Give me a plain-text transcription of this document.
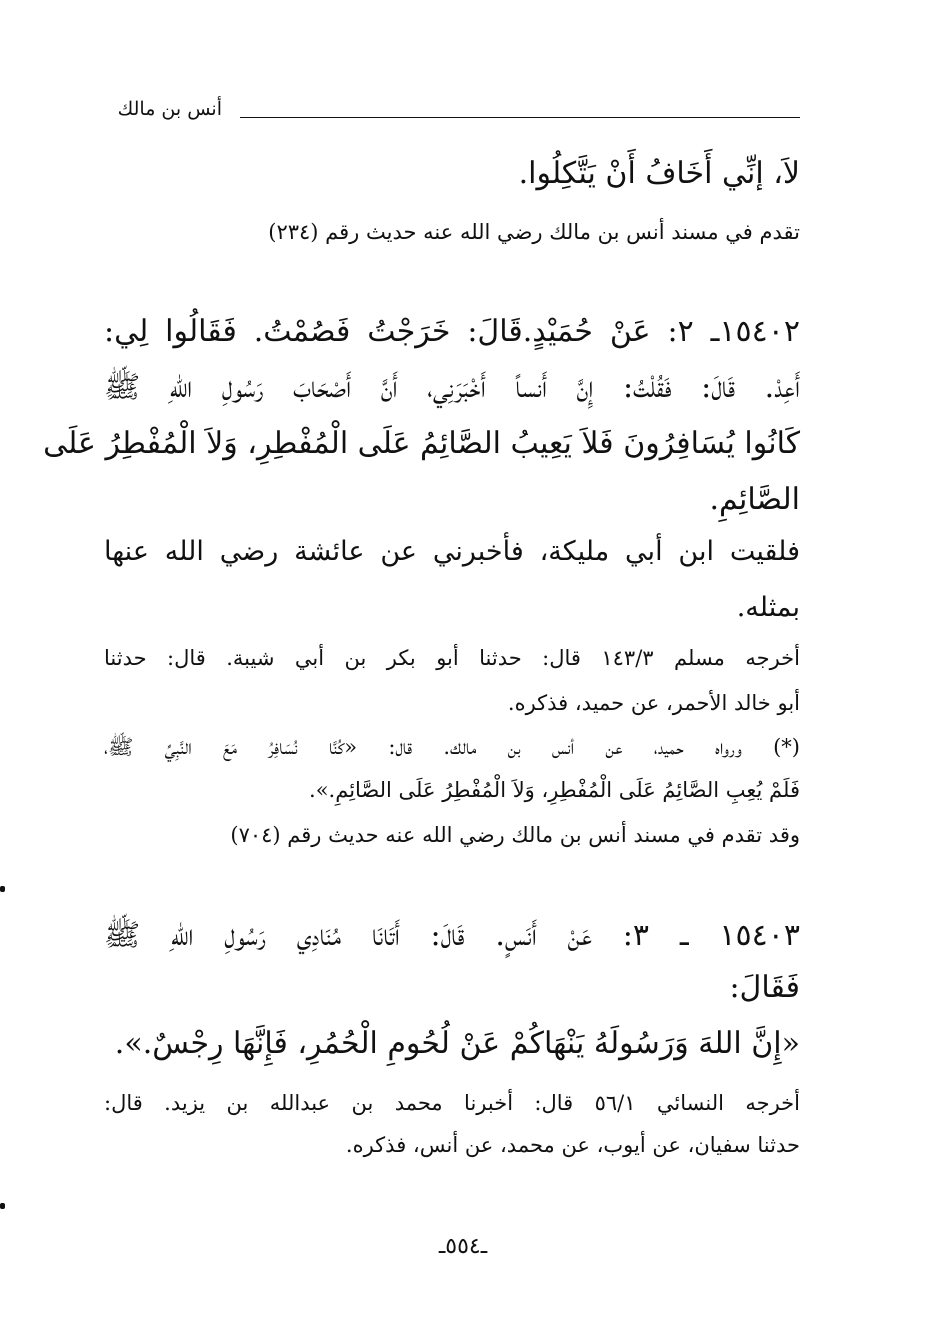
أنس بن مالك
لاَ، إنِّي أَخَافُ أَنْ يَتَّكِلُوا.
تقدم في مسند أنس بن مالك رضي الله عنه حديث رقم (٢٣٤)
١٥٤٠٢ـ ٢: عَنْ حُمَيْدٍ.قَالَ: خَرَجْتُ فَصُمْتُ. فَقَالُوا لِي:
أَعِدْ. قَالَ: فَقُلْتُ: إِنَّ أَنساً أَخْبَرَنِي، أَنَّ أَصْحَابَ رَسُولِ اللهِ ﷺ
كَانُوا يُسَافِرُونَ فَلاَ يَعِيبُ الصَّائِمُ عَلَى الْمُفْطِرِ، وَلاَ الْمُفْطِرُ عَلَى
الصَّائِمِ.
فلقيت ابن أبي مليكة، فأخبرني عن عائشة رضي الله عنها
بمثله.
أخرجه مسلم ١٤٣/٣ قال: حدثنا أبو بكر بن أبي شيبة. قال: حدثنا
أبو خالد الأحمر، عن حميد، فذكره.
(*) ورواه حميد، عن أنس بن مالك. قال: «كُنَّا نُسَافِرُ مَعَ النَّبِيِّ ﷺ،
فَلَمْ يُعِبِ الصَّائِمُ عَلَى الْمُفْطِرِ، وَلاَ الْمُفْطِرُ عَلَى الصَّائِمِ.».
وقد تقدم في مسند أنس بن مالك رضي الله عنه حديث رقم (٧٠٤)
١٥٤٠٣ ـ ٣: عَنْ أَنَسٍ. قَالَ: أَتَانَا مُنَادِي رَسُولِ اللهِ ﷺ
فَقَالَ:
«إِنَّ اللهَ وَرَسُولَهُ يَنْهَاكُمْ عَنْ لُحُومِ الْحُمُرِ، فَإِنَّهَا رِجْسٌ.».
أخرجه النسائي ٥٦/١ قال: أخبرنا محمد بن عبدالله بن يزيد. قال:
حدثنا سفيان، عن أيوب، عن محمد، عن أنس، فذكره.
ـ٥٥٤ـ
